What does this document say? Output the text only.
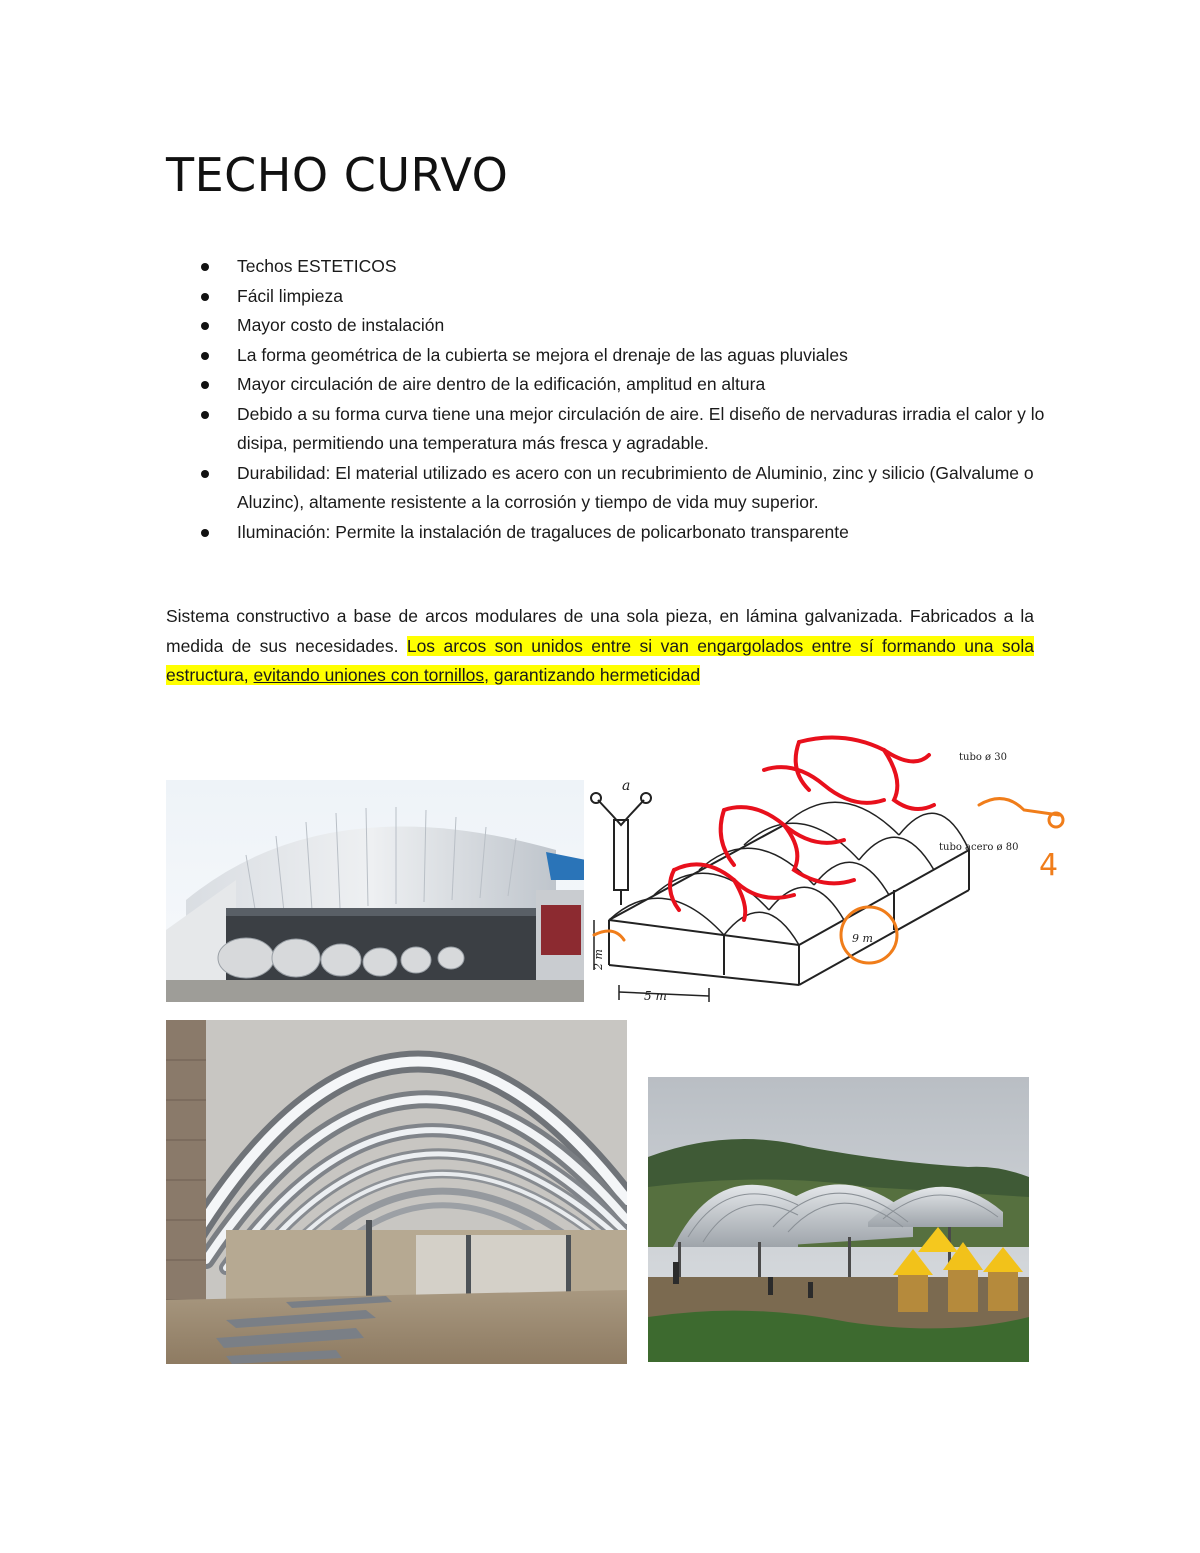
TECHO CURVO
Techos ESTETICOS
Fácil limpieza
Mayor costo de instalación
La forma geométrica de la cubierta se mejora el drenaje de las aguas pluviales
Mayor circulación de aire dentro de la edificación, amplitud en altura
Debido a su forma curva tiene una mejor circulación de aire. El diseño de nervaduras irradia el calor y lo disipa, permitiendo una temperatura más fresca y agradable.
Durabilidad: El material utilizado es acero con un recubrimiento de Aluminio, zinc y silicio (Galvalume o Aluzinc), altamente resistente a la corrosión y tiempo de vida muy superior.
Iluminación: Permite la instalación de tragaluces de policarbonato transparente

Sistema constructivo a base de arcos modulares de una sola pieza, en lámina galvanizada. Fabricados a la medida de sus necesidades. Los arcos son unidos entre si van engargolados entre sí formando una sola estructura, evitando uniones con tornillos, garantizando hermeticidad

a
5 m
2 m
tubo ø 30
tubo acero ø 80
9 m
4
